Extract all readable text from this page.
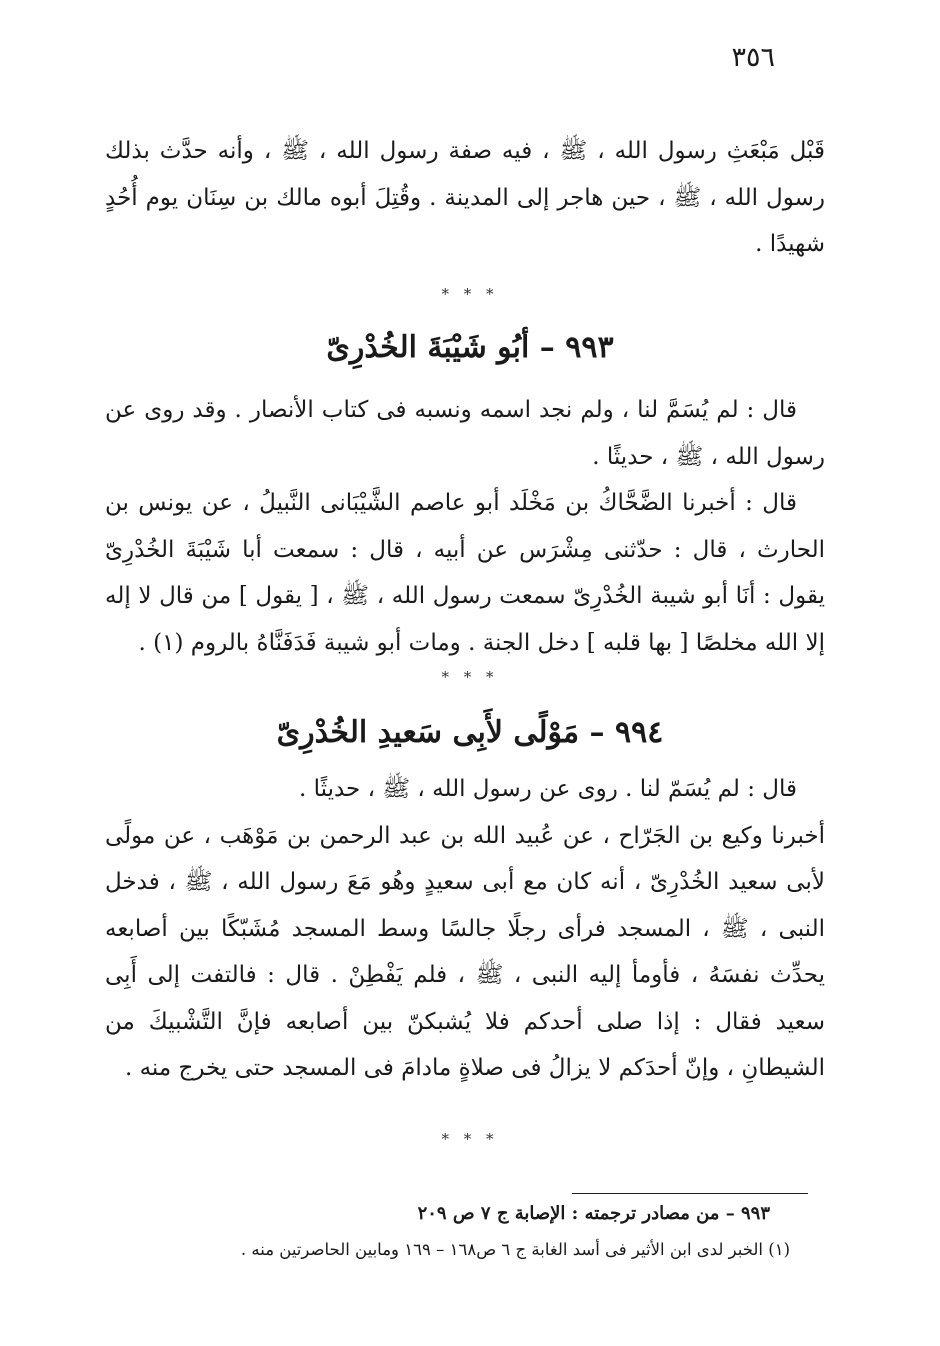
٣٥٦

قَبْل مَبْعَثِ رسول الله ، ﷺ ، فيه صفة رسول الله ، ﷺ ، وأنه حدَّث بذلك رسول الله ، ﷺ ، حين هاجر إلى المدينة . وقُتِلَ أبوه مالك بن سِنَان يوم أُحُدٍ شهيدًا .

* * *
٩٩٣ – أبُو شَيْبَةَ الخُدْرِىّ

قال : لم يُسَمَّ لنا ، ولم نجد اسمه ونسبه فى كتاب الأنصار . وقد روى عن رسول الله ، ﷺ ، حديثًا .

قال : أخبرنا الضَّحَّاكُ بن مَخْلَد أبو عاصم الشَّيْبَانى النَّبيلُ ، عن يونس بن الحارث ، قال : حدّثنى مِشْرَس عن أبيه ، قال : سمعت أبا شَيْبَةَ الخُدْرِىّ يقول : أنَا أبو شيبة الخُدْرِىّ سمعت رسول الله ، ﷺ ، [ يقول ] من قال لا إله إلا الله مخلصًا [ بها قلبه ] دخل الجنة . ومات أبو شيبة فَدَفَنَّاهُ بالروم (١) .

* * *
٩٩٤ – مَوْلًى لأَبِى سَعيدِ الخُدْرِىّ

قال : لم يُسَمّ لنا . روى عن رسول الله ، ﷺ ، حديثًا .

أخبرنا وكيع بن الجَرّاح ، عن عُبيد الله بن عبد الرحمن بن مَوْهَب ، عن مولًى لأبى سعيد الخُدْرِىّ ، أنه كان مع أبى سعيدٍ وهُو مَعَ رسول الله ، ﷺ ، فدخل النبى ، ﷺ ، المسجد فرأى رجلًا جالسًا وسط المسجد مُشَبّكًا بين أصابعه يحدِّث نفسَهُ ، فأومأ إليه النبى ، ﷺ ، فلم يَفْطِنْ . قال : فالتفت إلى أَبِى سعيد فقال : إذا صلى أحدكم فلا يُشبكنّ بين أصابعه فإنَّ التَّشْبيكَ من الشيطانِ ، وإنّ أحدَكم لا يزالُ فى صلاةٍ مادامَ فى المسجد حتى يخرج منه .

* * *
٩٩٣ – من مصادر ترجمته : الإصابة ج ٧ ص ٢٠٩
(١) الخبر لدى ابن الأثير فى أسد الغابة ج ٦ ص١٦٨ – ١٦٩ ومابين الحاصرتين منه .
